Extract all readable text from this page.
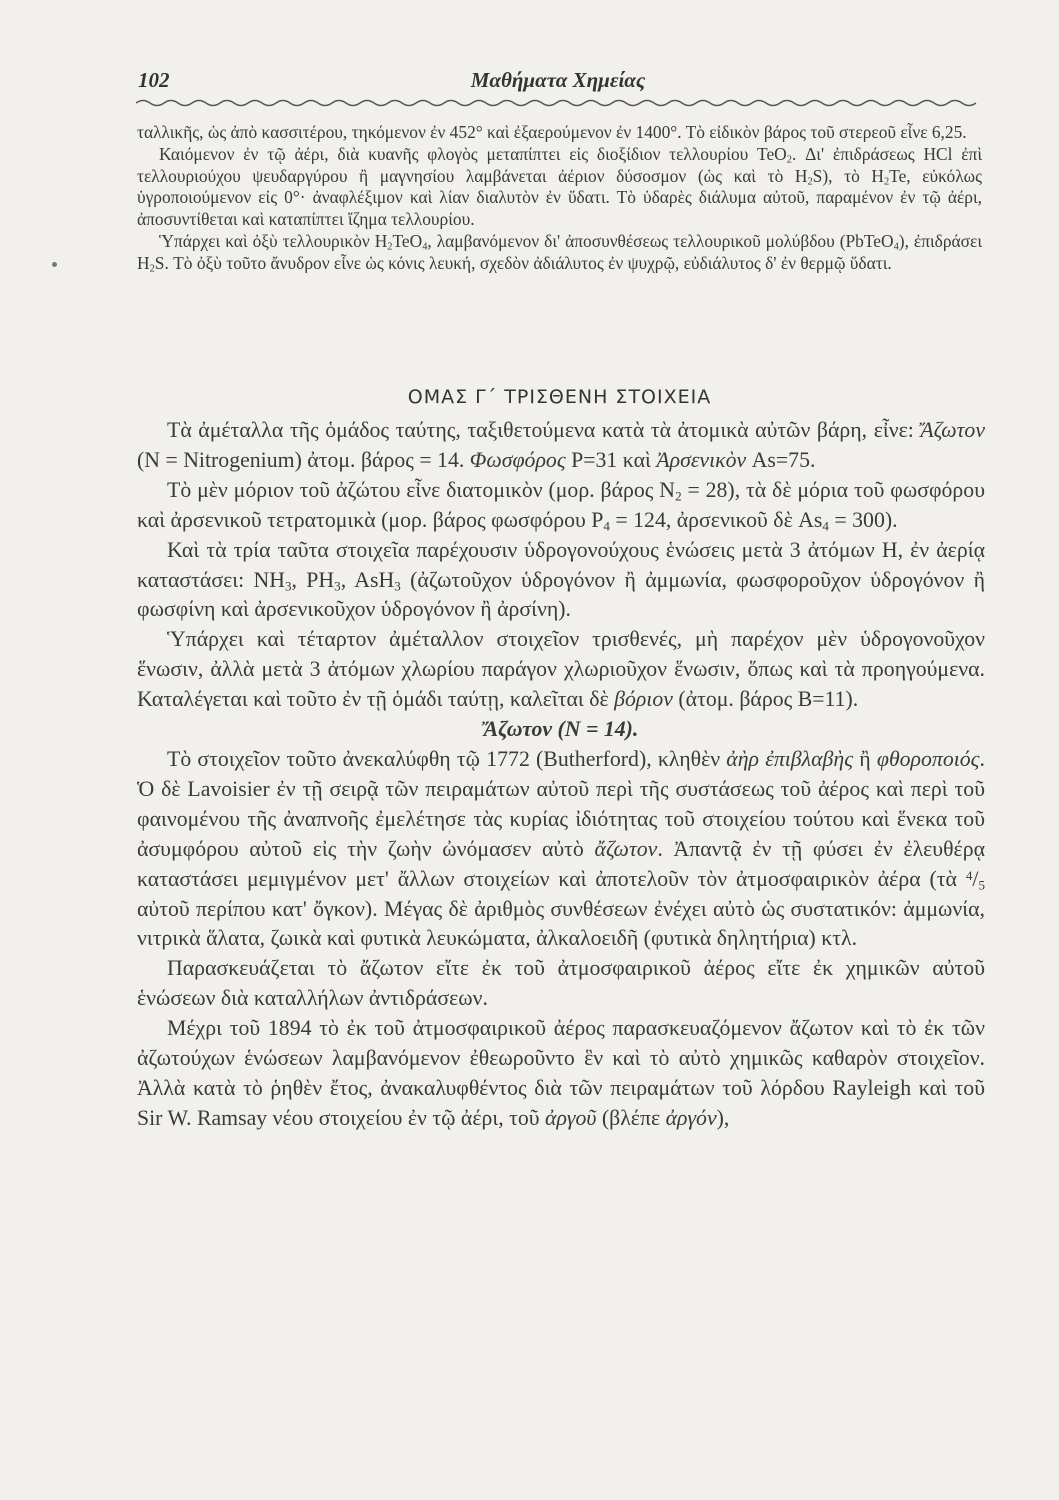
102	Μαθήματα Χημείας

ταλλικῆς, ὡς ἀπὸ κασσιτέρου, τηκόμενον ἐν 452° καὶ ἐξαερούμενον ἐν 1400°. Τὸ εἰδικὸν βάρος τοῦ στερεοῦ εἶνε 6,25.

Καιόμενον ἐν τῷ ἀέρι, διὰ κυανῆς φλογὸς μεταπίπτει εἰς διοξίδιον τελλουρίου TeO$_2$. Δι' ἐπιδράσεως HCl ἐπὶ τελλουριούχου ψευδαργύρου ἢ μαγνησίου λαμβάνεται ἀέριον δύσοσμον (ὡς καὶ τὸ $H_2S$), τὸ $H_2Te$, εὐκόλως ὑγροποιούμενον εἰς 0°· ἀναφλέξιμον καὶ λίαν διαλυτὸν ἐν ὕδατι. Τὸ ὑδαρὲς διάλυμα αὐτοῦ, παραμένον ἐν τῷ ἀέρι, ἀποσυντίθεται καὶ καταπίπτει ἴζημα τελλουρίου.

Ὑπάρχει καὶ ὀξὺ τελλουρικὸν $H_2TeO_4$, λαμβανόμενον δι' ἀποσυνθέσεως τελλουρικοῦ μολύβδου (PbTeO$_4$), ἐπιδράσει $H_2S$. Τὸ ὀξὺ τοῦτο ἄνυδρον εἶνε ὡς κόνις λευκή, σχεδὸν ἀδιάλυτος ἐν ψυχρῷ, εὐδιάλυτος δ' ἐν θερμῷ ὕδατι.

ΟΜΑΣ Γ΄ ΤΡΙΣΘΕΝΗ ΣΤΟΙΧΕΙΑ

Τὰ ἀμέταλλα τῆς ὁμάδος ταύτης, ταξιθετούμενα κατὰ τὰ ἀτομικὰ αὐτῶν βάρη, εἶνε: Ἄζωτον (N = Nitrogenium) ἀτομ. βάρος = 14. Φωσφόρος P=31 καὶ Ἀρσενικὸν As=75.

Τὸ μὲν μόριον τοῦ ἀζώτου εἶνε διατομικὸν (μορ. βάρος $N_2 = 28$), τὰ δὲ μόρια τοῦ φωσφόρου καὶ ἀρσενικοῦ τετρατομικὰ (μορ. βάρος φωσφόρου $P_4 = 124$, ἀρσενικοῦ δὲ $As_4 = 300$).

Καὶ τὰ τρία ταῦτα στοιχεῖα παρέχουσιν ὑδρογονούχους ἑνώσεις μετὰ 3 ἀτόμων H, ἐν ἀερίᾳ καταστάσει: $NH_3$, $PH_3$, AsH$_3$ (ἀζωτοῦχον ὑδρογόνον ἢ ἀμμωνία, φωσφοροῦχον ὑδρογόνον ἢ φωσφίνη καὶ ἀρσενικοῦχον ὑδρογόνον ἢ ἀρσίνη).

Ὑπάρχει καὶ τέταρτον ἀμέταλλον στοιχεῖον τρισθενές, μὴ παρέχον μὲν ὑδρογονοῦχον ἕνωσιν, ἀλλὰ μετὰ 3 ἀτόμων χλωρίου παράγον χλωριοῦχον ἕνωσιν, ὅπως καὶ τὰ προηγούμενα. Καταλέγεται καὶ τοῦτο ἐν τῇ ὁμάδι ταύτῃ, καλεῖται δὲ βόριον (ἀτομ. βάρος B=11).

Ἄζωτον (N = 14).

Τὸ στοιχεῖον τοῦτο ἀνεκαλύφθη τῷ 1772 (Buthеrford), κληθὲν ἀὴρ ἐπιβλαβὴς ἢ φθοροποιός. Ὁ δὲ Lavoisier ἐν τῇ σειρᾷ τῶν πειραμάτων αὐτοῦ περὶ τῆς συστάσεως τοῦ ἀέρος καὶ περὶ τοῦ φαινομένου τῆς ἀναπνοῆς ἐμελέτησε τὰς κυρίας ἰδιότητας τοῦ στοιχείου τούτου καὶ ἕνεκα τοῦ ἀσυμφόρου αὐτοῦ εἰς τὴν ζωὴν ὠνόμασεν αὐτὸ ἄζωτον. Ἀπαντᾷ ἐν τῇ φύσει ἐν ἐλευθέρᾳ καταστάσει μεμιγμένον μετ' ἄλλων στοιχείων καὶ ἀποτελοῦν τὸν ἀτμοσφαιρικὸν ἀέρα (τὰ $^4/_5$ αὐτοῦ περίπου κατ' ὄγκον). Μέγας δὲ ἀριθμὸς συνθέσεων ἐνέχει αὐτὸ ὡς συστατικόν: ἀμμωνία, νιτρικὰ ἅλατα, ζωικὰ καὶ φυτικὰ λευκώματα, ἀλκαλοειδῆ (φυτικὰ δηλητήρια) κτλ.

Παρασκευάζεται τὸ ἄζωτον εἴτε ἐκ τοῦ ἀτμοσφαιρικοῦ ἀέρος εἴτε ἐκ χημικῶν αὐτοῦ ἑνώσεων διὰ καταλλήλων ἀντιδράσεων.

Μέχρι τοῦ 1894 τὸ ἐκ τοῦ ἀτμοσφαιρικοῦ ἀέρος παρασκευαζόμενον ἄζωτον καὶ τὸ ἐκ τῶν ἀζωτούχων ἑνώσεων λαμβανόμενον ἐθεωροῦντο ἓν καὶ τὸ αὐτὸ χημικῶς καθαρὸν στοιχεῖον. Ἀλλὰ κατὰ τὸ ῥηθὲν ἔτος, ἀνακαλυφθέντος διὰ τῶν πειραμάτων τοῦ λόρδου Rayleigh καὶ τοῦ Sir W. Ramsay νέου στοιχείου ἐν τῷ ἀέρι, τοῦ ἀργοῦ (βλέπε ἀργόν),
